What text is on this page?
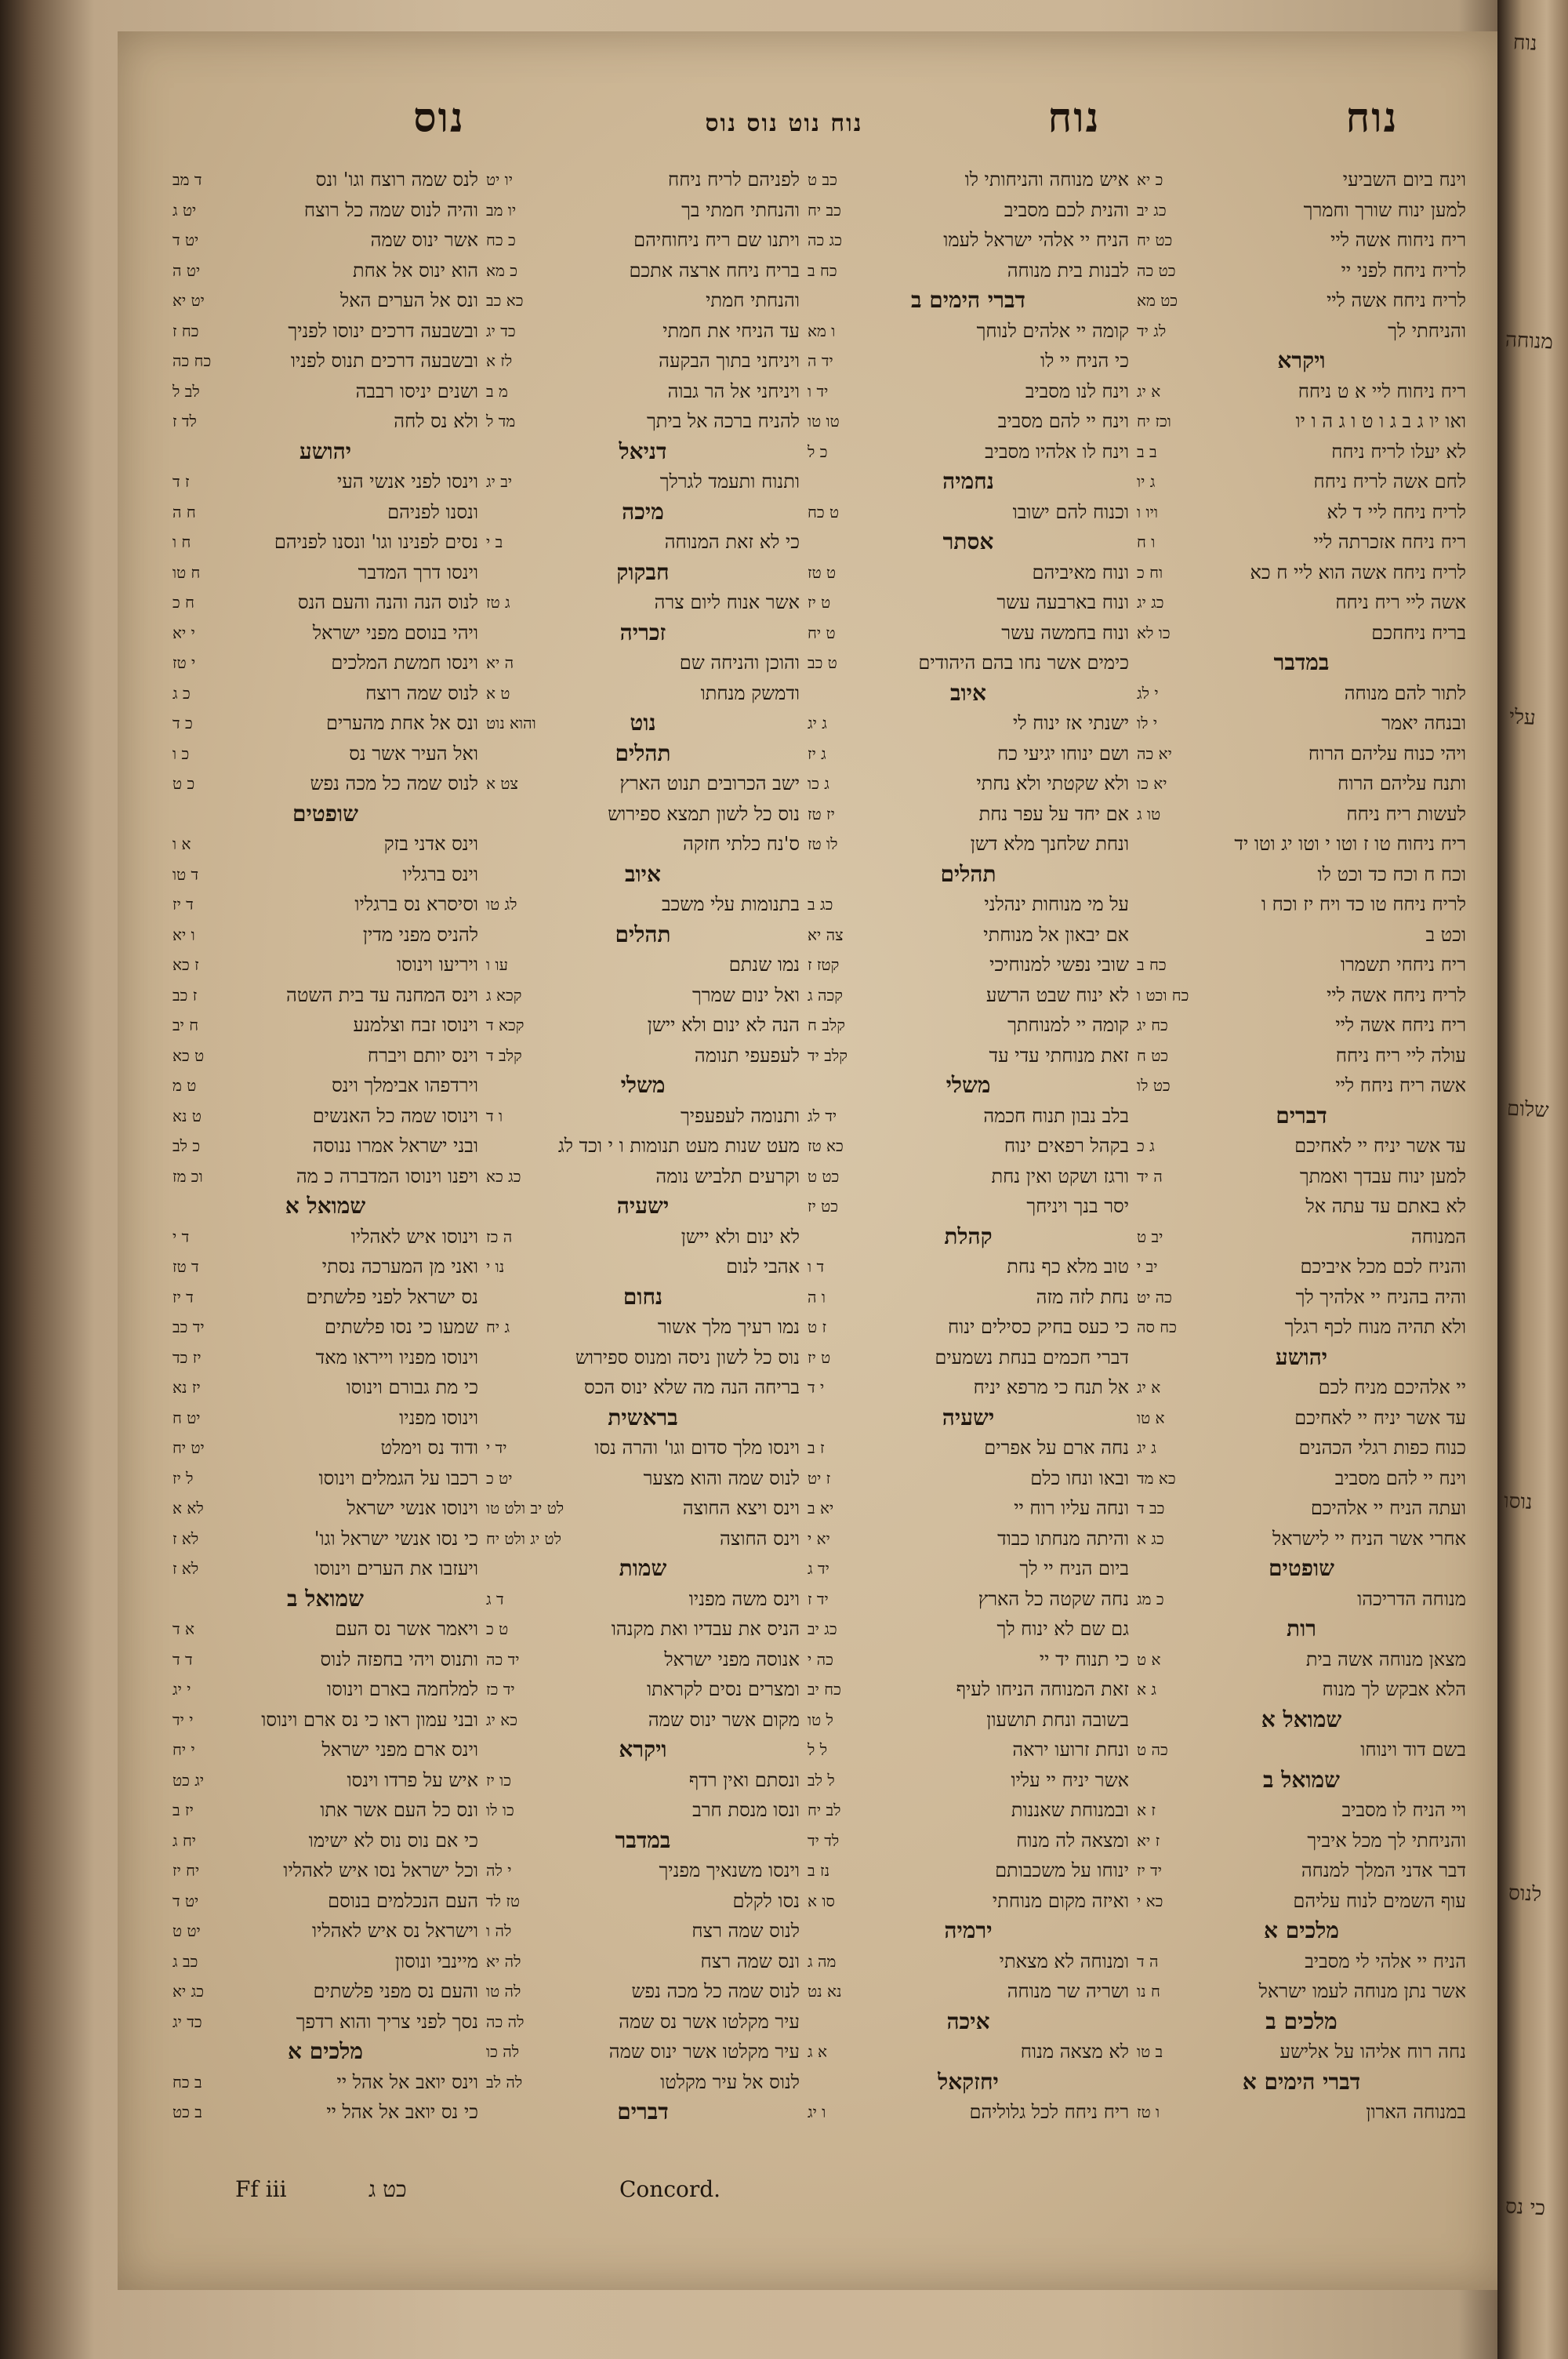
נוח
מנוחה
עלי
שלום
נוסו
לנוס
כי נס
נוח
נוח
נוח נוט נוס נוס
נוס
וינח ביום השביעי
כ יא
למען ינוח שורך וחמרך
כג יב
ריח ניחוח אשה ליי
כט יח
לריח ניחח לפני יי
כט כה
לריח ניחח אשה ליי
כט מא
והניחתי לך
לג יד
ויקרא
ריח ניחוח ליי א ט ניחח
א יג
ואו יו ג ב ג ו ט ו ג ה ו יו
וכז יח
לא יעלו לריח ניחח
ב ב
לחם אשה לריח ניחח
ג יו
לריח ניחח ליי ד לא
ויו ו
ריח ניחח אזכרתה ליי
ו ח
לריח ניחח אשה הוא ליי ח כא
וח כ
אשה ליי ריח ניחח
כג יג
בריח ניחחכם
כו לא
במדבר
לתור להם מנוחה
י לג
ובנחה יאמר
י לו
ויהי כנוח עליהם הרוח
יא כה
ותנח עליהם הרוח
יא כו
לעשות ריח ניחח
טו ג
ריח ניחוח טו ז וטו י וטו יג וטו יד
וכח ח וכח כד וכט לו
לריח ניחח טו כד ויח יז וכח ו
וכט ב
ריח ניחחי תשמרו
כח ב
לריח ניחח אשה ליי
כח וכט ו
ריח ניחח אשה ליי
כח יג
עולה ליי ריח ניחח
כט ח
אשה ריח ניחח ליי
כט לו
דברים
עד אשר יניח יי לאחיכם
ג כ
למען ינוח עבדך ואמתך
ה יד
לא באתם עד עתה אל
המנוחה
יב ט
והניח לכם מכל איביכם
יב י
והיה בהניח יי אלהיך לך
כה יט
ולא תהיה מנוח לכף רגלך
כח סה
יהושע
יי אלהיכם מניח לכם
א יג
עד אשר יניח יי לאחיכם
א טו
כנוח כפות רגלי הכהנים
ג יג
וינח יי להם מסביב
כא מד
ועתה הניח יי אלהיכם
כב ד
אחרי אשר הניח יי לישראל
כג א
שופטים
מנוחה הדריכהו
כ מג
רות
מצאן מנוחה אשה בית
א ט
הלא אבקש לך מנוח
ג א
שמואל א
בשם דוד וינוחו
כה ט
שמואל ב
ויי הניח לו מסביב
ז א
והניחתי לך מכל איביך
ז יא
דבר אדני המלך למנחה
יד יז
עוף השמים לנוח עליהם
כא י
מלכים א
הניח יי אלהי לי מסביב
ה ד
אשר נתן מנוחה לעמו ישראל
ח נו
מלכים ב
נחה רוח אליהו על אלישע
ב טו
דברי הימים א
במנוחה הארון
ו טז
איש מנוחה והניחותי לו
כב ט
והנית לכם מסביב
כב יח
הניח יי אלהי ישראל לעמו
כג כה
לבנות בית מנוחה
כח ב
דברי הימים ב
קומה יי אלהים לנוחך
ו מא
כי הניח יי לו
יד ה
וינח לנו מסביב
יד ו
וינח יי להם מסביב
טו טו
וינח לו אלהיו מסביב
כ ל
נחמיה
וכנוח להם ישובו
ט כח
אסתר
ונוח מאיביהם
ט טז
ונוח בארבעה עשר
ט יז
ונוח בחמשה עשר
ט יח
כימים אשר נחו בהם היהודים
ט כב
איוב
ישנתי אז ינוח לי
ג יג
ושם ינוחו יגיעי כח
ג יז
ולא שקטתי ולא נחתי
ג כו
אם יחד על עפר נחת
יז טז
ונחת שלחנך מלא דשן
לו טז
תהלים
על מי מנוחות ינהלני
כג ב
אם יבאון אל מנוחתי
צה יא
שובי נפשי למנוחיכי
קטז ז
לא ינוח שבט הרשע
קכה ג
קומה יי למנוחתך
קלב ח
זאת מנוחתי עדי עד
קלב יד
משלי
בלב נבון תנוח חכמה
יד לג
בקהל רפאים ינוח
כא טז
ורגז ושקט ואין נחת
כט ט
יסר בנך ויניחך
כט יז
קהלת
טוב מלא כף נחת
ד ו
נחת לזה מזה
ו ה
כי כעס בחיק כסילים ינוח
ז ט
דברי חכמים בנחת נשמעים
ט יז
אל תנח כי מרפא יניח
י ד
ישעיה
נחה ארם על אפרים
ז ב
ובאו ונחו כלם
ז יט
ונחה עליו רוח יי
יא ב
והיתה מנחתו כבוד
יא י
ביום הניח יי לך
יד ג
נחה שקטה כל הארץ
יד ז
גם שם לא ינוח לך
כג יב
כי תנוח יד יי
כה י
זאת המנוחה הניחו לעיף
כח יב
בשובה ונחת תושעון
ל טו
ונחת זרועו יראה
ל ל
אשר יניח יי עליו
ל לב
ובמנוחת שאננות
לב יח
ומצאה לה מנוח
לד יד
ינוחו על משכבותם
נז ב
ואיזה מקום מנוחתי
סו א
ירמיה
ומנוחה לא מצאתי
מה ג
ושריה שר מנוחה
נא נט
איכה
לא מצאה מנוח
א ג
יחזקאל
ריח ניחח לכל גלוליהם
ו יג
לפניהם לריח ניחח
יו יט
והנחתי חמתי בך
יו מב
ויתנו שם ריח ניחוחיהם
כ כח
בריח ניחח ארצה אתכם
כ מא
והנחתי חמתי
כא כב
עד הניחי את חמתי
כד יג
ויניחני בתוך הבקעה
לז א
ויניחני אל הר גבוה
מ ב
להניח ברכה אל ביתך
מד ל
דניאל
ותנוח ותעמד לגרלך
יב יג
מיכה
כי לא זאת המנוחה
ב י
חבקוק
אשר אנוח ליום צרה
ג טז
זכריה
והוכן והניחה שם
ה יא
ודמשק מנחתו
ט א
נוט
והוא נוט
תהלים
ישב הכרובים תנוט הארץ
צט א
נוס כל לשון תמצא ספירוש
ס'נח כלתי חזקה
איוב
בתנומות עלי משכב
לג טו
תהלים
נמו שנתם
עו ו
ואל ינום שמרך
קכא ג
הנה לא ינום ולא יישן
קכא ד
לעפעפי תנומה
קלב ד
משלי
ותנומה לעפעפיך
ו ד
מעט שנות מעט תנומות ו י וכד לג
וקרעים תלביש נומה
כג כא
ישעיה
לא ינום ולא יישן
ה כז
אהבי לנום
נו י
נחום
נמו רעיך מלך אשור
ג יח
נוס כל לשון ניסה ומנוס ספירוש
בריחה הנה מה שלא ינוס הכס
בראשית
וינסו מלך סדום וגו' והרה נסו
יד י
לנוס שמה והוא מצער
יט כ
וינס ויצא החוצה
לט יב ולט טו
וינס החוצה
לט יג ולט יח
שמות
וינס משה מפניו
ד ג
הניס את עבדיו ואת מקנהו
ט כ
אנוסה מפני ישראל
יד כה
ומצרים נסים לקראתו
יד כז
מקום אשר ינוס שמה
כא יג
ויקרא
ונסתם ואין רדף
כו יז
ונסו מנסת חרב
כו לו
במדבר
וינסו משנאיך מפניך
י לה
נסו לקלם
טז לד
לנוס שמה רצח
לה ו
ונס שמה רצח
לה יא
לנוס שמה כל מכה נפש
לה טו
עיר מקלטו אשר נס שמה
לה כה
עיר מקלטו אשר ינוס שמה
לה כו
לנוס אל עיר מקלטו
לה לב
דברים
לנס שמה רוצח וגו' ונס
ד מב
והיה לנוס שמה כל רוצח
יט ג
אשר ינוס שמה
יט ד
הוא ינוס אל אחת
יט ה
ונס אל הערים האל
יט יא
ובשבעה דרכים ינוסו לפניך
כח ז
ובשבעה דרכים תנוס לפניו
כח כה
ושנים יניסו רבבה
לב ל
ולא נס לחה
לד ז
יהושע
וינסו לפני אנשי העי
ז ד
ונסנו לפניהם
ח ה
נסים לפנינו וגו' ונסנו לפניהם
ח ו
וינסו דרך המדבר
ח טו
לנוס הנה והנה והעם הנס
ח כ
ויהי בנוסם מפני ישראל
י יא
וינסו חמשת המלכים
י טז
לנוס שמה רוצח
כ ג
ונס אל אחת מהערים
כ ד
ואל העיר אשר נס
כ ו
לנוס שמה כל מכה נפש
כ ט
שופטים
וינס אדני בזק
א ו
וינס ברגליו
ד טו
וסיסרא נס ברגליו
ד יז
להניס מפני מדין
ו יא
ויריעו וינוסו
ז כא
וינס המחנה עד בית השטה
ז כב
וינוסו זבח וצלמנע
ח יב
וינס יותם ויברח
ט כא
וירדפהו אבימלך וינס
ט מ
וינוסו שמה כל האנשים
ט נא
ובני ישראל אמרו ננוסה
כ לב
ויפנו וינוסו המדברה כ מה
וכ מז
שמואל א
וינוסו איש לאהליו
ד י
ואני מן המערכה נסתי
ד טז
נס ישראל לפני פלשתים
ד יז
שמעו כי נסו פלשתים
יד כב
וינוסו מפניו וייראו מאד
יז כד
כי מת גבורם וינוסו
יז נא
וינוסו מפניו
יט ח
ודוד נס וימלט
יט יח
רכבו על הגמלים וינוסו
ל יז
וינוסו אנשי ישראל
לא א
כי נסו אנשי ישראל וגו'
לא ז
ויעזבו את הערים וינוסו
לא ז
שמואל ב
ויאמר אשר נס העם
א ד
ותנוס ויהי בחפזה לנוס
ד ד
למלחמה בארם וינוסו
י יג
ובני עמון ראו כי נס ארם וינוסו
י יד
וינס ארם מפני ישראל
י יח
איש על פרדו וינסו
יג כט
ונס כל העם אשר אתו
יז ב
כי אם נוס נוס לא ישימו
יח ג
וכל ישראל נסו איש לאהליו
יח יז
העם הנכלמים בנוסם
יט ד
וישראל נס איש לאהליו
יט ט
מיינבי ונוסון
כב ג
והעם נס מפני פלשתים
כג יא
נסך לפני צריך והוא רדפך
כד יג
מלכים א
וינס יואב אל אהל יי
ב כח
כי נס יואב אל אהל יי
ב כט
Ff iii	כט ג	Concord.
